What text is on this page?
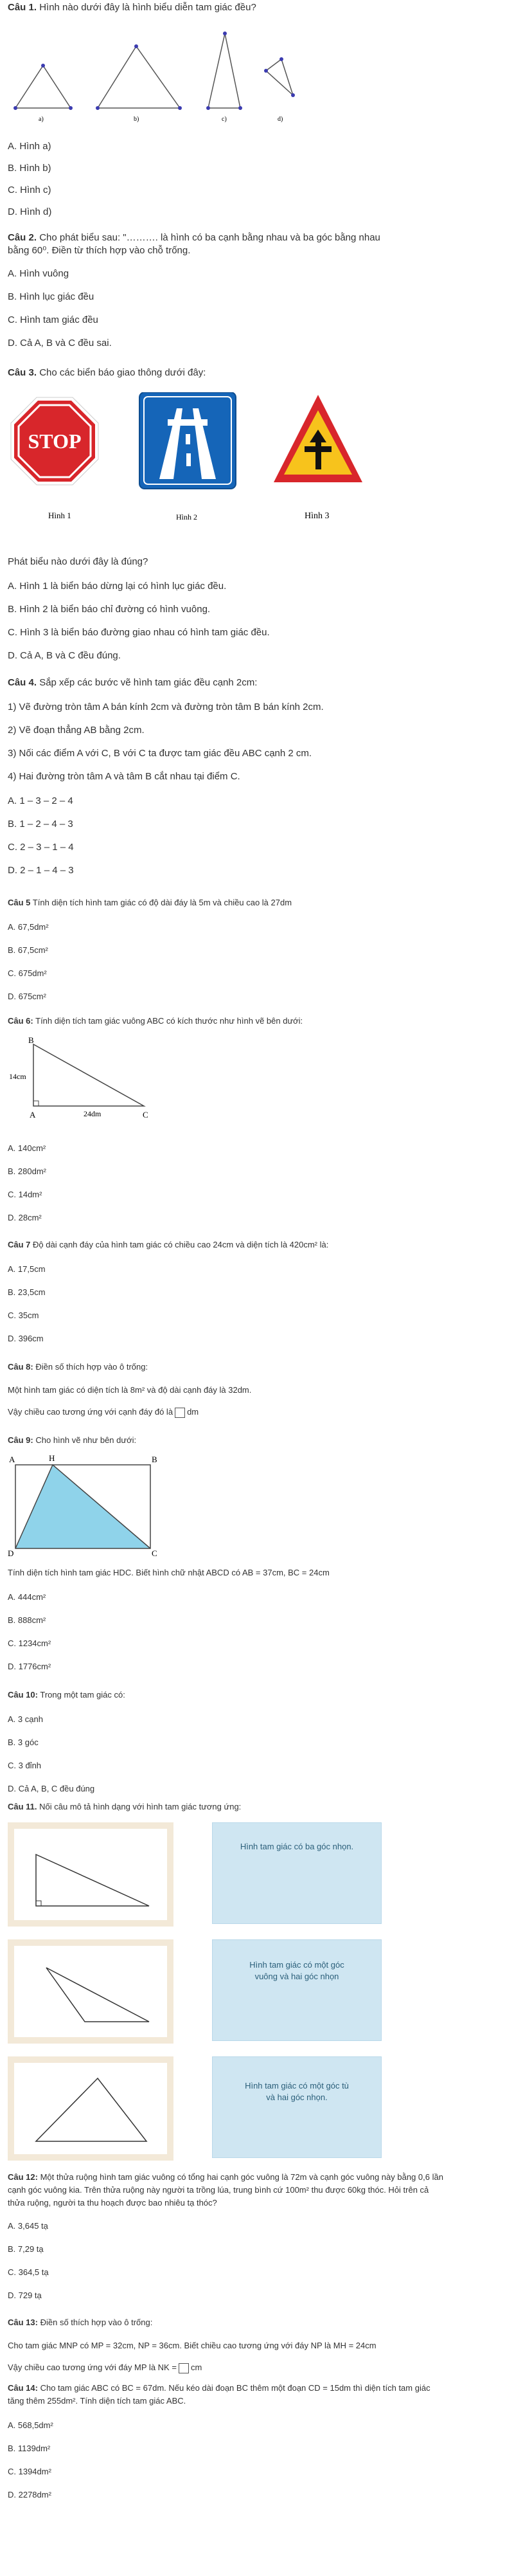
Câu 1. Hình nào dưới đây là hình biểu diễn tam giác đều?
a)	b)	c)	d)
A. Hình a)
B. Hình b)
C. Hình c)
D. Hình d)
Câu 2. Cho phát biểu sau: "………. là hình có ba cạnh bằng nhau và ba góc bằng nhau
bằng 60⁰. Điền từ thích hợp vào chỗ trống.
A. Hình vuông
B. Hình lục giác đều
C. Hình tam giác đều
D. Cả A, B và C đều sai.
Câu 3. Cho các biển báo giao thông dưới đây:
STOP
Hình 1	Hình 2	Hình 3
Phát biểu nào dưới đây là đúng?
A. Hình 1 là biển báo dừng lại có hình lục giác đều.
B. Hình 2 là biển báo chỉ đường có hình vuông.
C. Hình 3 là biển báo đường giao nhau có hình tam giác đều.
D. Cả A, B và C đều đúng.
Câu 4. Sắp xếp các bước vẽ hình tam giác đều cạnh 2cm:
1) Vẽ đường tròn tâm A bán kính 2cm và đường tròn tâm B bán kính 2cm.
2) Vẽ đoạn thẳng AB bằng 2cm.
3) Nối các điểm A với C, B với C ta được tam giác đều ABC cạnh 2 cm.
4) Hai đường tròn tâm A và tâm B cắt nhau tại điểm C.
A. 1 – 3 – 2 – 4
B. 1 – 2 – 4 – 3
C. 2 – 3 – 1 – 4
D. 2 – 1 – 4 – 3
Câu 5 Tính diện tích hình tam giác có độ dài đáy là 5m và chiều cao là 27dm
A. 67,5dm²
B. 67,5cm²
C. 675dm²
D. 675cm²
Câu 6: Tính diện tích tam giác vuông ABC có kích thước như hình vẽ bên dưới:
B
14cm
A	24dm	C
A. 140cm²
B. 280dm²
C. 14dm²
D. 28cm²
Câu 7 Độ dài cạnh đáy của hình tam giác có chiều cao 24cm và diện tích là 420cm² là:
A. 17,5cm
B. 23,5cm
C. 35cm
D. 396cm
Câu 8: Điền số thích hợp vào ô trống:
Một hình tam giác có diện tích là 8m² và độ dài cạnh đáy là 32dm.
Vậy chiều cao tương ứng với cạnh đáy đó là dm
Câu 9: Cho hình vẽ như bên dưới:
A	H	B
D	C
Tính diện tích hình tam giác HDC. Biết hình chữ nhật ABCD có AB = 37cm, BC = 24cm
A. 444cm²
B. 888cm²
C. 1234cm²
D. 1776cm²
Câu 10: Trong một tam giác có:
A. 3 cạnh
B. 3 góc
C. 3 đỉnh
D. Cả A, B, C đều đúng
Câu 11. Nối câu mô tả hình dạng với hình tam giác tương ứng:
Hình tam giác có ba góc nhọn.
Hình tam giác có một góc vuông và hai góc nhọn
Hình tam giác có một góc tù và hai góc nhọn.
Câu 12: Một thửa ruộng hình tam giác vuông có tổng hai cạnh góc vuông là 72m và cạnh góc vuông này bằng 0,6 lần
cạnh góc vuông kia. Trên thửa ruộng này người ta trồng lúa, trung bình cứ 100m² thu được 60kg thóc. Hỏi trên cả
thửa ruộng, người ta thu hoạch được bao nhiêu tạ thóc?
A. 3,645 tạ
B. 7,29 tạ
C. 364,5 tạ
D. 729 tạ
Câu 13: Điền số thích hợp vào ô trống:
Cho tam giác MNP có MP = 32cm, NP = 36cm. Biết chiều cao tương ứng với đáy NP là MH = 24cm
Vậy chiều cao tương ứng với đáy MP là NK = cm
Câu 14: Cho tam giác ABC có BC = 67dm. Nếu kéo dài đoạn BC thêm một đoạn CD = 15dm thì diện tích tam giác
tăng thêm 255dm². Tính diện tích tam giác ABC.
A. 568,5dm²
B. 1139dm²
C. 1394dm²
D. 2278dm²
